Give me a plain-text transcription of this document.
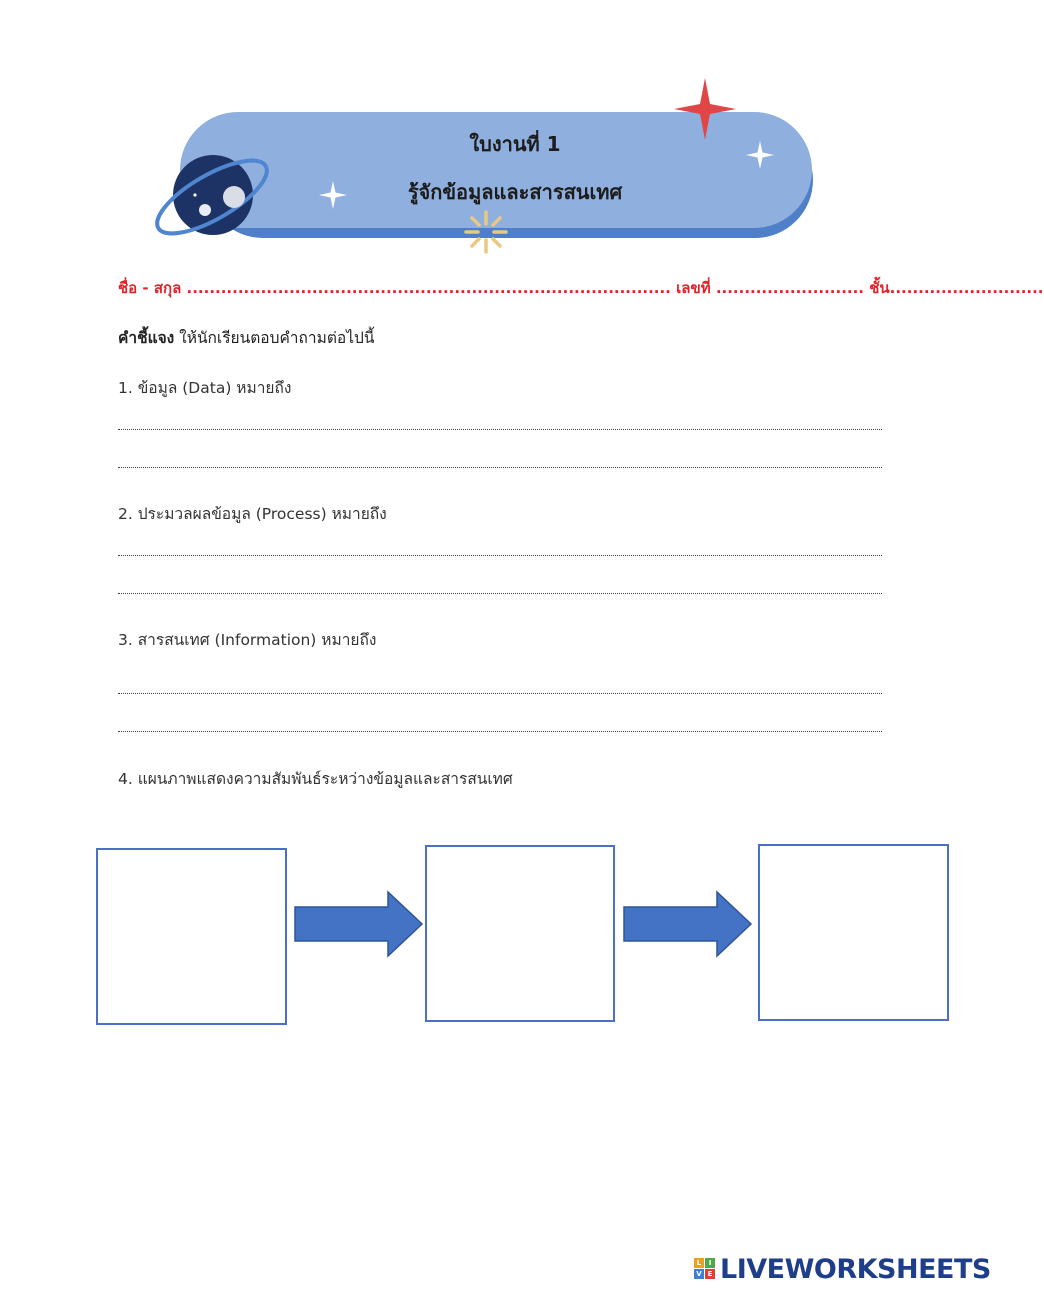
ใบงานที่ 1
รู้จักข้อมูลและสารสนเทศ
ชื่อ - สกุล ..................................................................................... เลขที่ .......................... ชั้น...........................
คำชี้แจง ให้นักเรียนตอบคำถามต่อไปนี้
1. ข้อมูล (Data) หมายถึง
2. ประมวลผลข้อมูล (Process) หมายถึง
3. สารสนเทศ (Information) หมายถึง
4. แผนภาพแสดงความสัมพันธ์ระหว่างข้อมูลและสารสนเทศ
L	I
V E LIVEWORKSHEETS
